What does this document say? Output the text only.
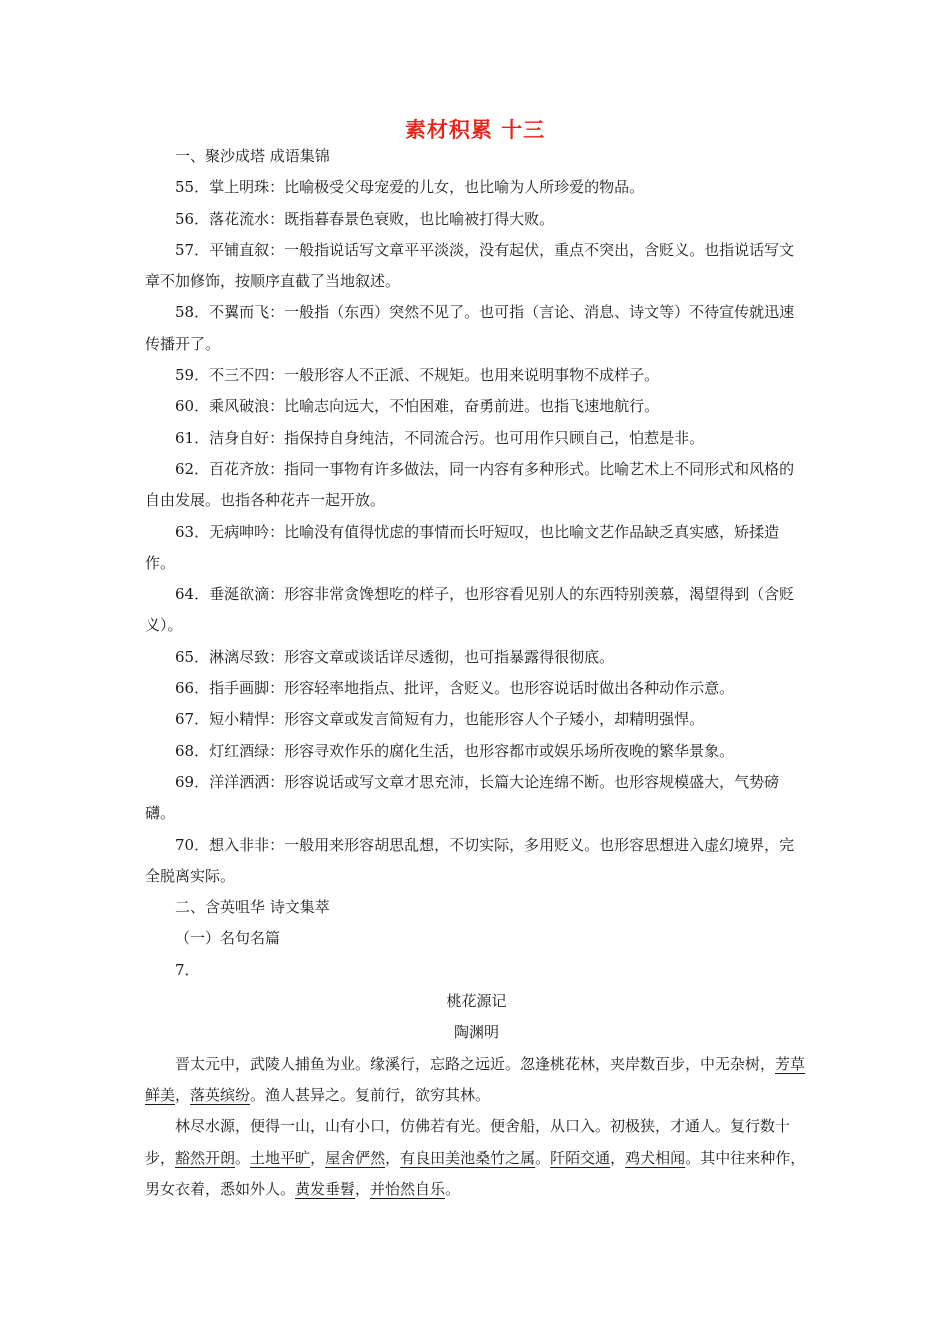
素材积累 十三

一、聚沙成塔 成语集锦

55．掌上明珠：比喻极受父母宠爱的儿女，也比喻为人所珍爱的物品。

56．落花流水：既指暮春景色衰败，也比喻被打得大败。

57．平铺直叙：一般指说话写文章平平淡淡，没有起伏，重点不突出，含贬义。也指说话写文章不加修饰，按顺序直截了当地叙述。

58．不翼而飞：一般指（东西）突然不见了。也可指（言论、消息、诗文等）不待宣传就迅速传播开了。

59．不三不四：一般形容人不正派、不规矩。也用来说明事物不成样子。

60．乘风破浪：比喻志向远大，不怕困难，奋勇前进。也指飞速地航行。

61．洁身自好：指保持自身纯洁，不同流合污。也可用作只顾自己，怕惹是非。

62．百花齐放：指同一事物有许多做法，同一内容有多种形式。比喻艺术上不同形式和风格的自由发展。也指各种花卉一起开放。

63．无病呻吟：比喻没有值得忧虑的事情而长吁短叹，也比喻文艺作品缺乏真实感，矫揉造作。

64．垂涎欲滴：形容非常贪馋想吃的样子，也形容看见别人的东西特别羡慕，渴望得到（含贬义）。

65．淋漓尽致：形容文章或谈话详尽透彻，也可指暴露得很彻底。

66．指手画脚：形容轻率地指点、批评，含贬义。也形容说话时做出各种动作示意。

67．短小精悍：形容文章或发言简短有力，也能形容人个子矮小，却精明强悍。

68．灯红酒绿：形容寻欢作乐的腐化生活，也形容都市或娱乐场所夜晚的繁华景象。

69．洋洋洒洒：形容说话或写文章才思充沛，长篇大论连绵不断。也形容规模盛大，气势磅礴。

70．想入非非：一般用来形容胡思乱想，不切实际，多用贬义。也形容思想进入虚幻境界，完全脱离实际。

二、含英咀华 诗文集萃

（一）名句名篇

7．

桃花源记

陶渊明

晋太元中，武陵人捕鱼为业。缘溪行，忘路之远近。忽逢桃花林，夹岸数百步，中无杂树，芳草鲜美，落英缤纷。渔人甚异之。复前行，欲穷其林。

林尽水源，便得一山，山有小口，仿佛若有光。便舍船，从口入。初极狭，才通人。复行数十步，豁然开朗。土地平旷，屋舍俨然，有良田美池桑竹之属。阡陌交通，鸡犬相闻。其中往来种作，男女衣着，悉如外人。黄发垂髫，并怡然自乐。
